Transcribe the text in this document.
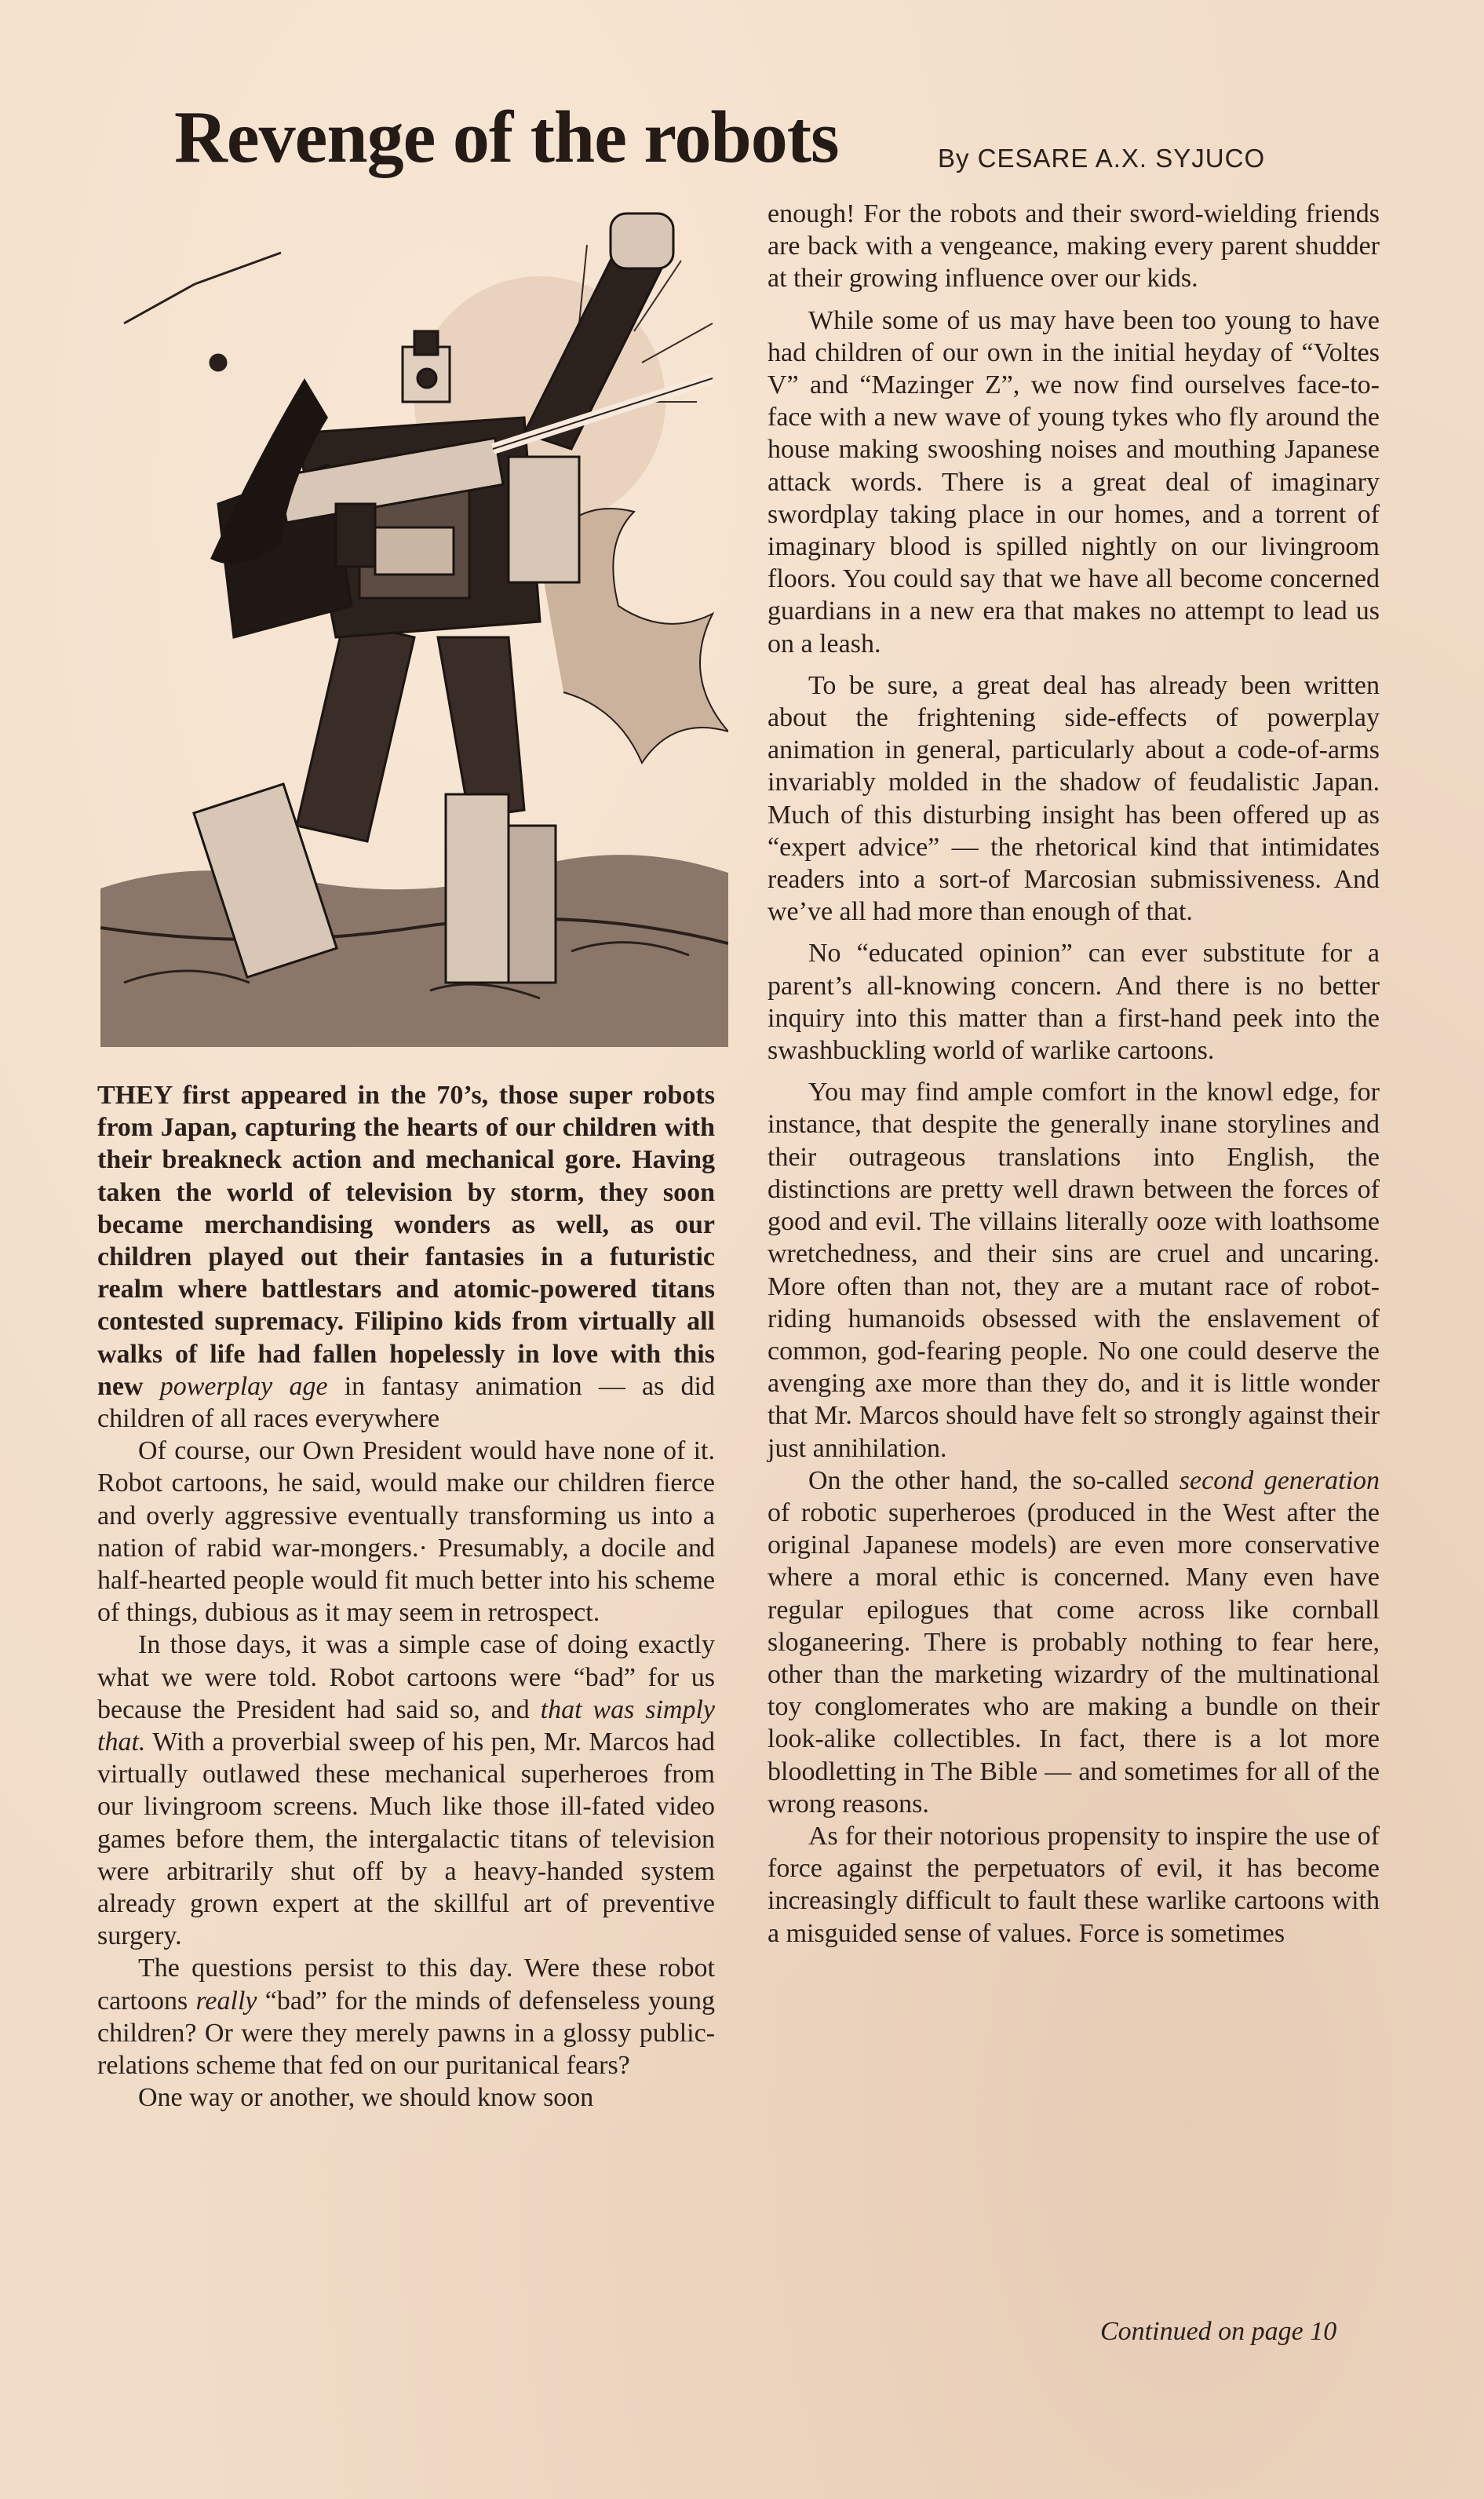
Revenge of the robots	By CESARE A.X. SYJUCO

THEY first appeared in the 70’s, those super robots from Japan, capturing the hearts of our children with their breakneck action and mechanical gore. Having taken the world of television by storm, they soon became merchandising wonders as well, as our children played out their fantasies in a futuristic realm where battlestars and atomic-powered titans contested supremacy. Filipino kids from virtually all walks of life had fallen hopelessly in love with this new powerplay age in fantasy animation — as did children of all races everywhere

Of course, our Own President would have none of it. Robot cartoons, he said, would make our children fierce and overly aggressive eventually transforming us into a nation of rabid war-mongers.· Presumably, a docile and half-hearted people would fit much better into his scheme of things, dubious as it may seem in retrospect.

In those days, it was a simple case of doing exactly what we were told. Robot cartoons were “bad” for us because the President had said so, and that was simply that. With a proverbial sweep of his pen, Mr. Marcos had virtually outlawed these mechanical superheroes from our livingroom screens. Much like those ill-fated video games before them, the intergalactic titans of television were arbitrarily shut off by a heavy-handed system already grown expert at the skillful art of preventive surgery.

The questions persist to this day. Were these robot cartoons really “bad” for the minds of defenseless young children? Or were they merely pawns in a glossy public-relations scheme that fed on our puritanical fears?

One way or another, we should know soon

enough! For the robots and their sword-wielding friends are back with a vengeance, making every parent shudder at their growing influence over our kids.

While some of us may have been too young to have had children of our own in the initial heyday of “Voltes V” and “Mazinger Z”, we now find ourselves face-to-face with a new wave of young tykes who fly around the house making swooshing noises and mouthing Japanese attack words. There is a great deal of imaginary swordplay taking place in our homes, and a torrent of imaginary blood is spilled nightly on our livingroom floors. You could say that we have all become concerned guardians in a new era that makes no attempt to lead us on a leash.

To be sure, a great deal has already been written about the frightening side-effects of powerplay animation in general, particularly about a code-of-arms invariably molded in the shadow of feudalistic Japan. Much of this disturbing insight has been offered up as “expert advice” — the rhetorical kind that intimidates readers into a sort-of Marcosian submissiveness. And we’ve all had more than enough of that.

No “educated opinion” can ever substitute for a parent’s all-knowing concern. And there is no better inquiry into this matter than a first-hand peek into the swashbuckling world of warlike cartoons.

You may find ample comfort in the knowl edge, for instance, that despite the generally inane storylines and their outrageous translations into English, the distinctions are pretty well drawn between the forces of good and evil. The villains literally ooze with loathsome wretchedness, and their sins are cruel and uncaring. More often than not, they are a mutant race of robot-riding humanoids obsessed with the enslavement of common, god-fearing people. No one could deserve the avenging axe more than they do, and it is little wonder that Mr. Marcos should have felt so strongly against their just annihilation.

On the other hand, the so-called second generation of robotic superheroes (produced in the West after the original Japanese models) are even more conservative where a moral ethic is concerned. Many even have regular epilogues that come across like cornball sloganeering. There is probably nothing to fear here, other than the marketing wizardry of the multinational toy conglomerates who are making a bundle on their look-alike collectibles. In fact, there is a lot more bloodletting in The Bible — and sometimes for all of the wrong reasons.

As for their notorious propensity to inspire the use of force against the perpetuators of evil, it has become increasingly difficult to fault these warlike cartoons with a misguided sense of values. Force is sometimes

Continued on page 10
